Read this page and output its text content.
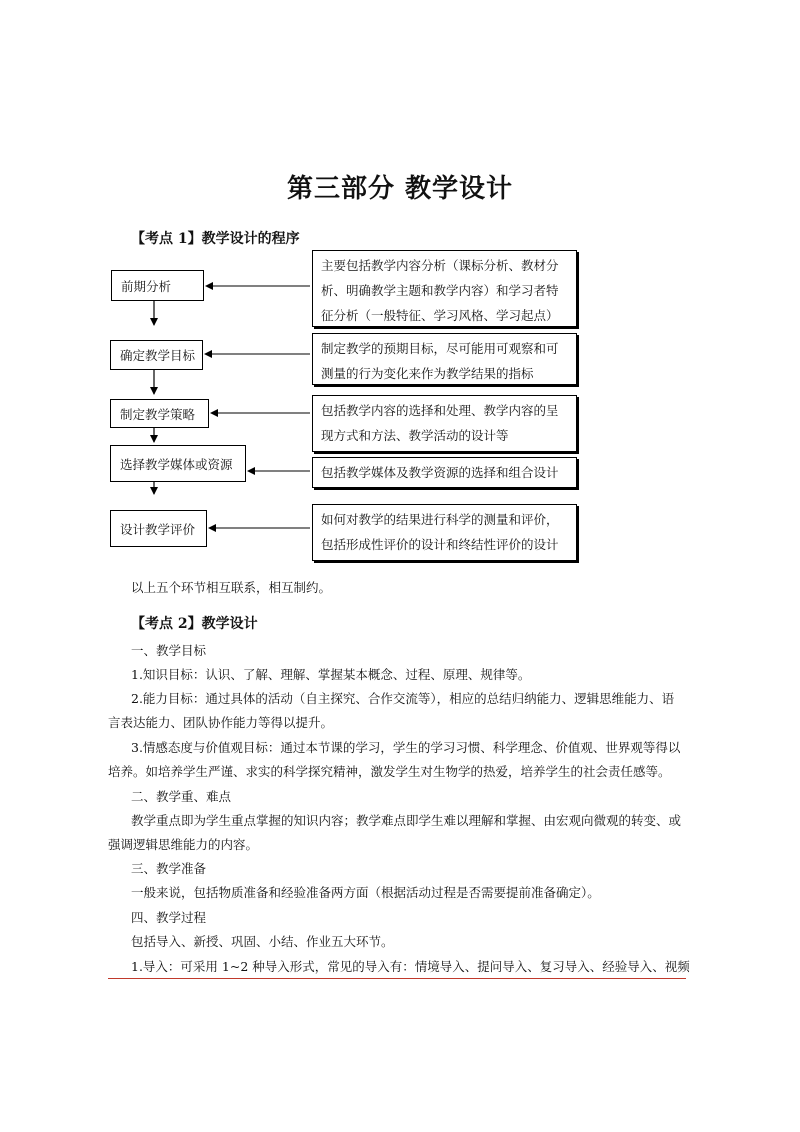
第三部分 教学设计
【考点 1】教学设计的程序
前期分析
确定教学目标
制定教学策略
选择教学媒体或资源
设计教学评价
主要包括教学内容分析（课标分析、教材分析、明确教学主题和教学内容）和学习者特征分析（一般特征、学习风格、学习起点）
制定教学的预期目标，尽可能用可观察和可测量的行为变化来作为教学结果的指标
包括教学内容的选择和处理、教学内容的呈现方式和方法、教学活动的设计等
包括教学媒体及教学资源的选择和组合设计
如何对教学的结果进行科学的测量和评价，包括形成性评价的设计和终结性评价的设计
以上五个环节相互联系，相互制约。
【考点 2】教学设计
一、教学目标
1.知识目标：认识、了解、理解、掌握某本概念、过程、原理、规律等。
2.能力目标：通过具体的活动（自主探究、合作交流等），相应的总结归纳能力、逻辑思维能力、语
言表达能力、团队协作能力等得以提升。
3.情感态度与价值观目标：通过本节课的学习，学生的学习习惯、科学理念、价值观、世界观等得以
培养。如培养学生严谨、求实的科学探究精神，激发学生对生物学的热爱，培养学生的社会责任感等。
二、教学重、难点
教学重点即为学生重点掌握的知识内容；教学难点即学生难以理解和掌握、由宏观向微观的转变、或
强调逻辑思维能力的内容。
三、教学准备
一般来说，包括物质准备和经验准备两方面（根据活动过程是否需要提前准备确定）。
四、教学过程
包括导入、新授、巩固、小结、作业五大环节。
1.导入：可采用 1~2 种导入形式，常见的导入有：情境导入、提问导入、复习导入、经验导入、视频
